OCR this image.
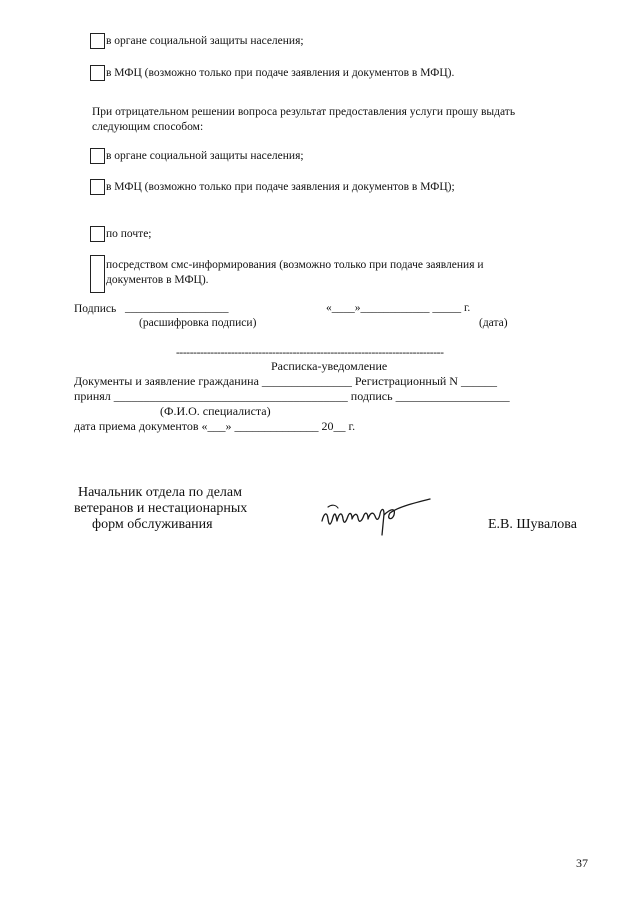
в органе социальной защиты населения;
в МФЦ (возможно только при подаче заявления и документов в МФЦ).
При отрицательном решении вопроса результат предоставления услуги прошу выдать
следующим способом:
в органе социальной защиты населения;
в МФЦ (возможно только при подаче заявления и документов в МФЦ);
по почте;
посредством смс-информирования (возможно только при подаче заявления и
документов в МФЦ).
Подпись __________________	«____»____________ _____ г.
(расшифровка подписи)	(дата)
------------------------------------------------------------------------------
Расписка-уведомление
Документы и заявление гражданина _______________ Регистрационный N ______
принял _______________________________________ подпись ___________________
(Ф.И.О. специалиста)
дата приема документов «___» ______________ 20__ г.
Начальник отдела по делам
ветеранов и нестационарных
форм обслуживания	Е.В. Шувалова
37
